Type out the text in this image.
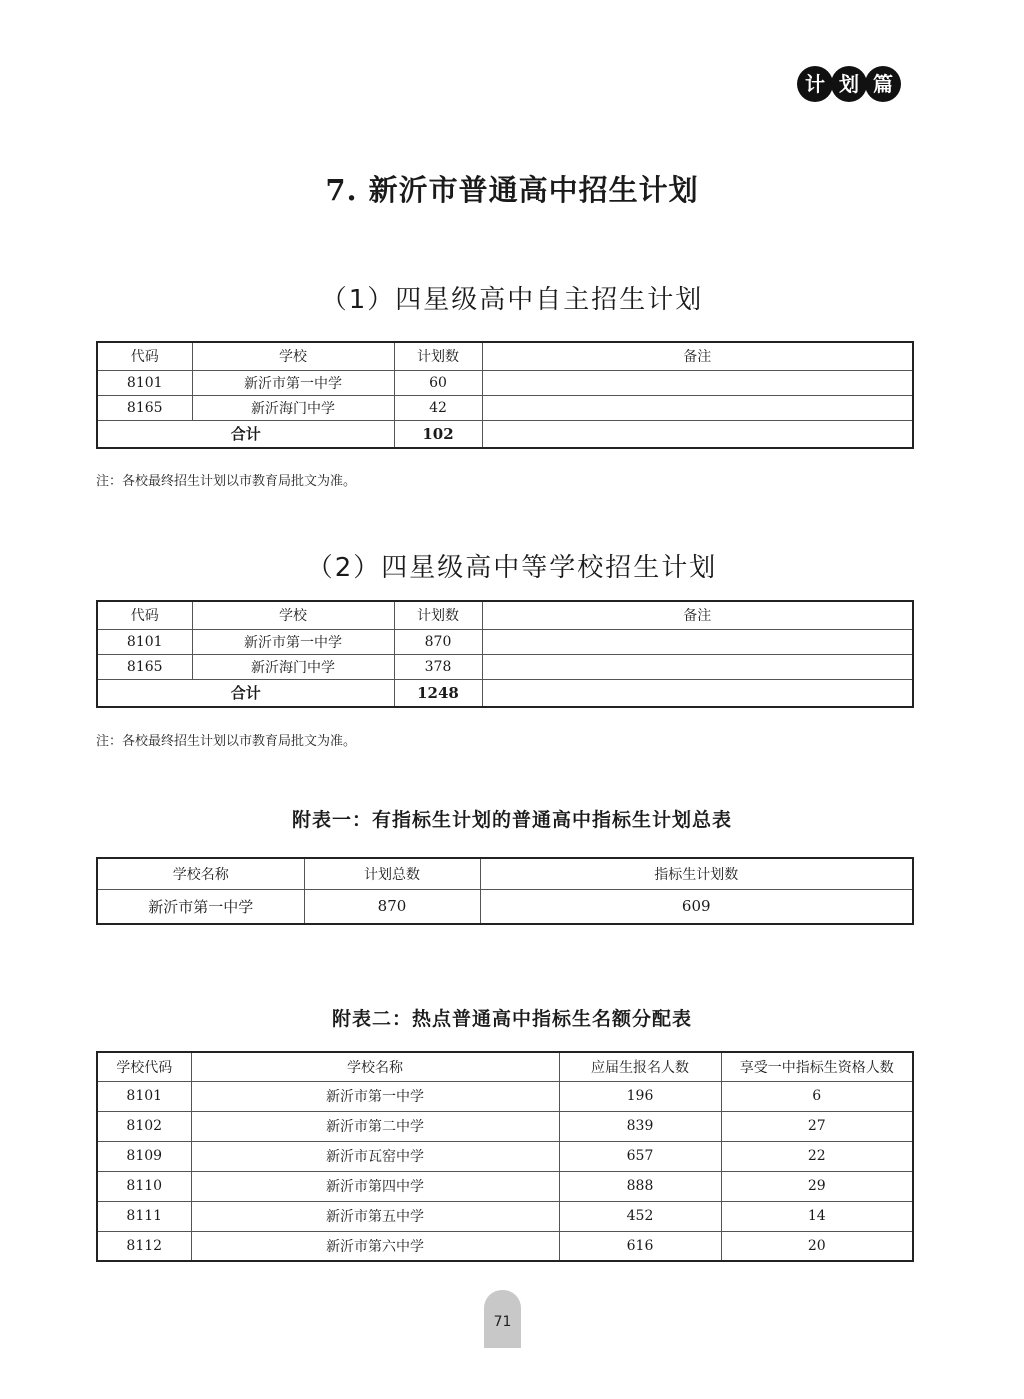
计 划 篇
7. 新沂市普通高中招生计划
（1）四星级高中自主招生计划
代码	学校	计划数	备注
8101	新沂市第一中学	60	
8165	新沂海门中学	42	
合计		102	
注：各校最终招生计划以市教育局批文为准。
（2）四星级高中等学校招生计划
代码	学校	计划数	备注
8101	新沂市第一中学	870	
8165	新沂海门中学	378	
合计		1248	
注：各校最终招生计划以市教育局批文为准。
附表一：有指标生计划的普通高中指标生计划总表
学校名称	计划总数	指标生计划数
新沂市第一中学	870	609
附表二：热点普通高中指标生名额分配表
学校代码	学校名称	应届生报名人数	享受一中指标生资格人数
8101	新沂市第一中学	196	6
8102	新沂市第二中学	839	27
8109	新沂市瓦窑中学	657	22
8110	新沂市第四中学	888	29
8111	新沂市第五中学	452	14
8112	新沂市第六中学	616	20
71
